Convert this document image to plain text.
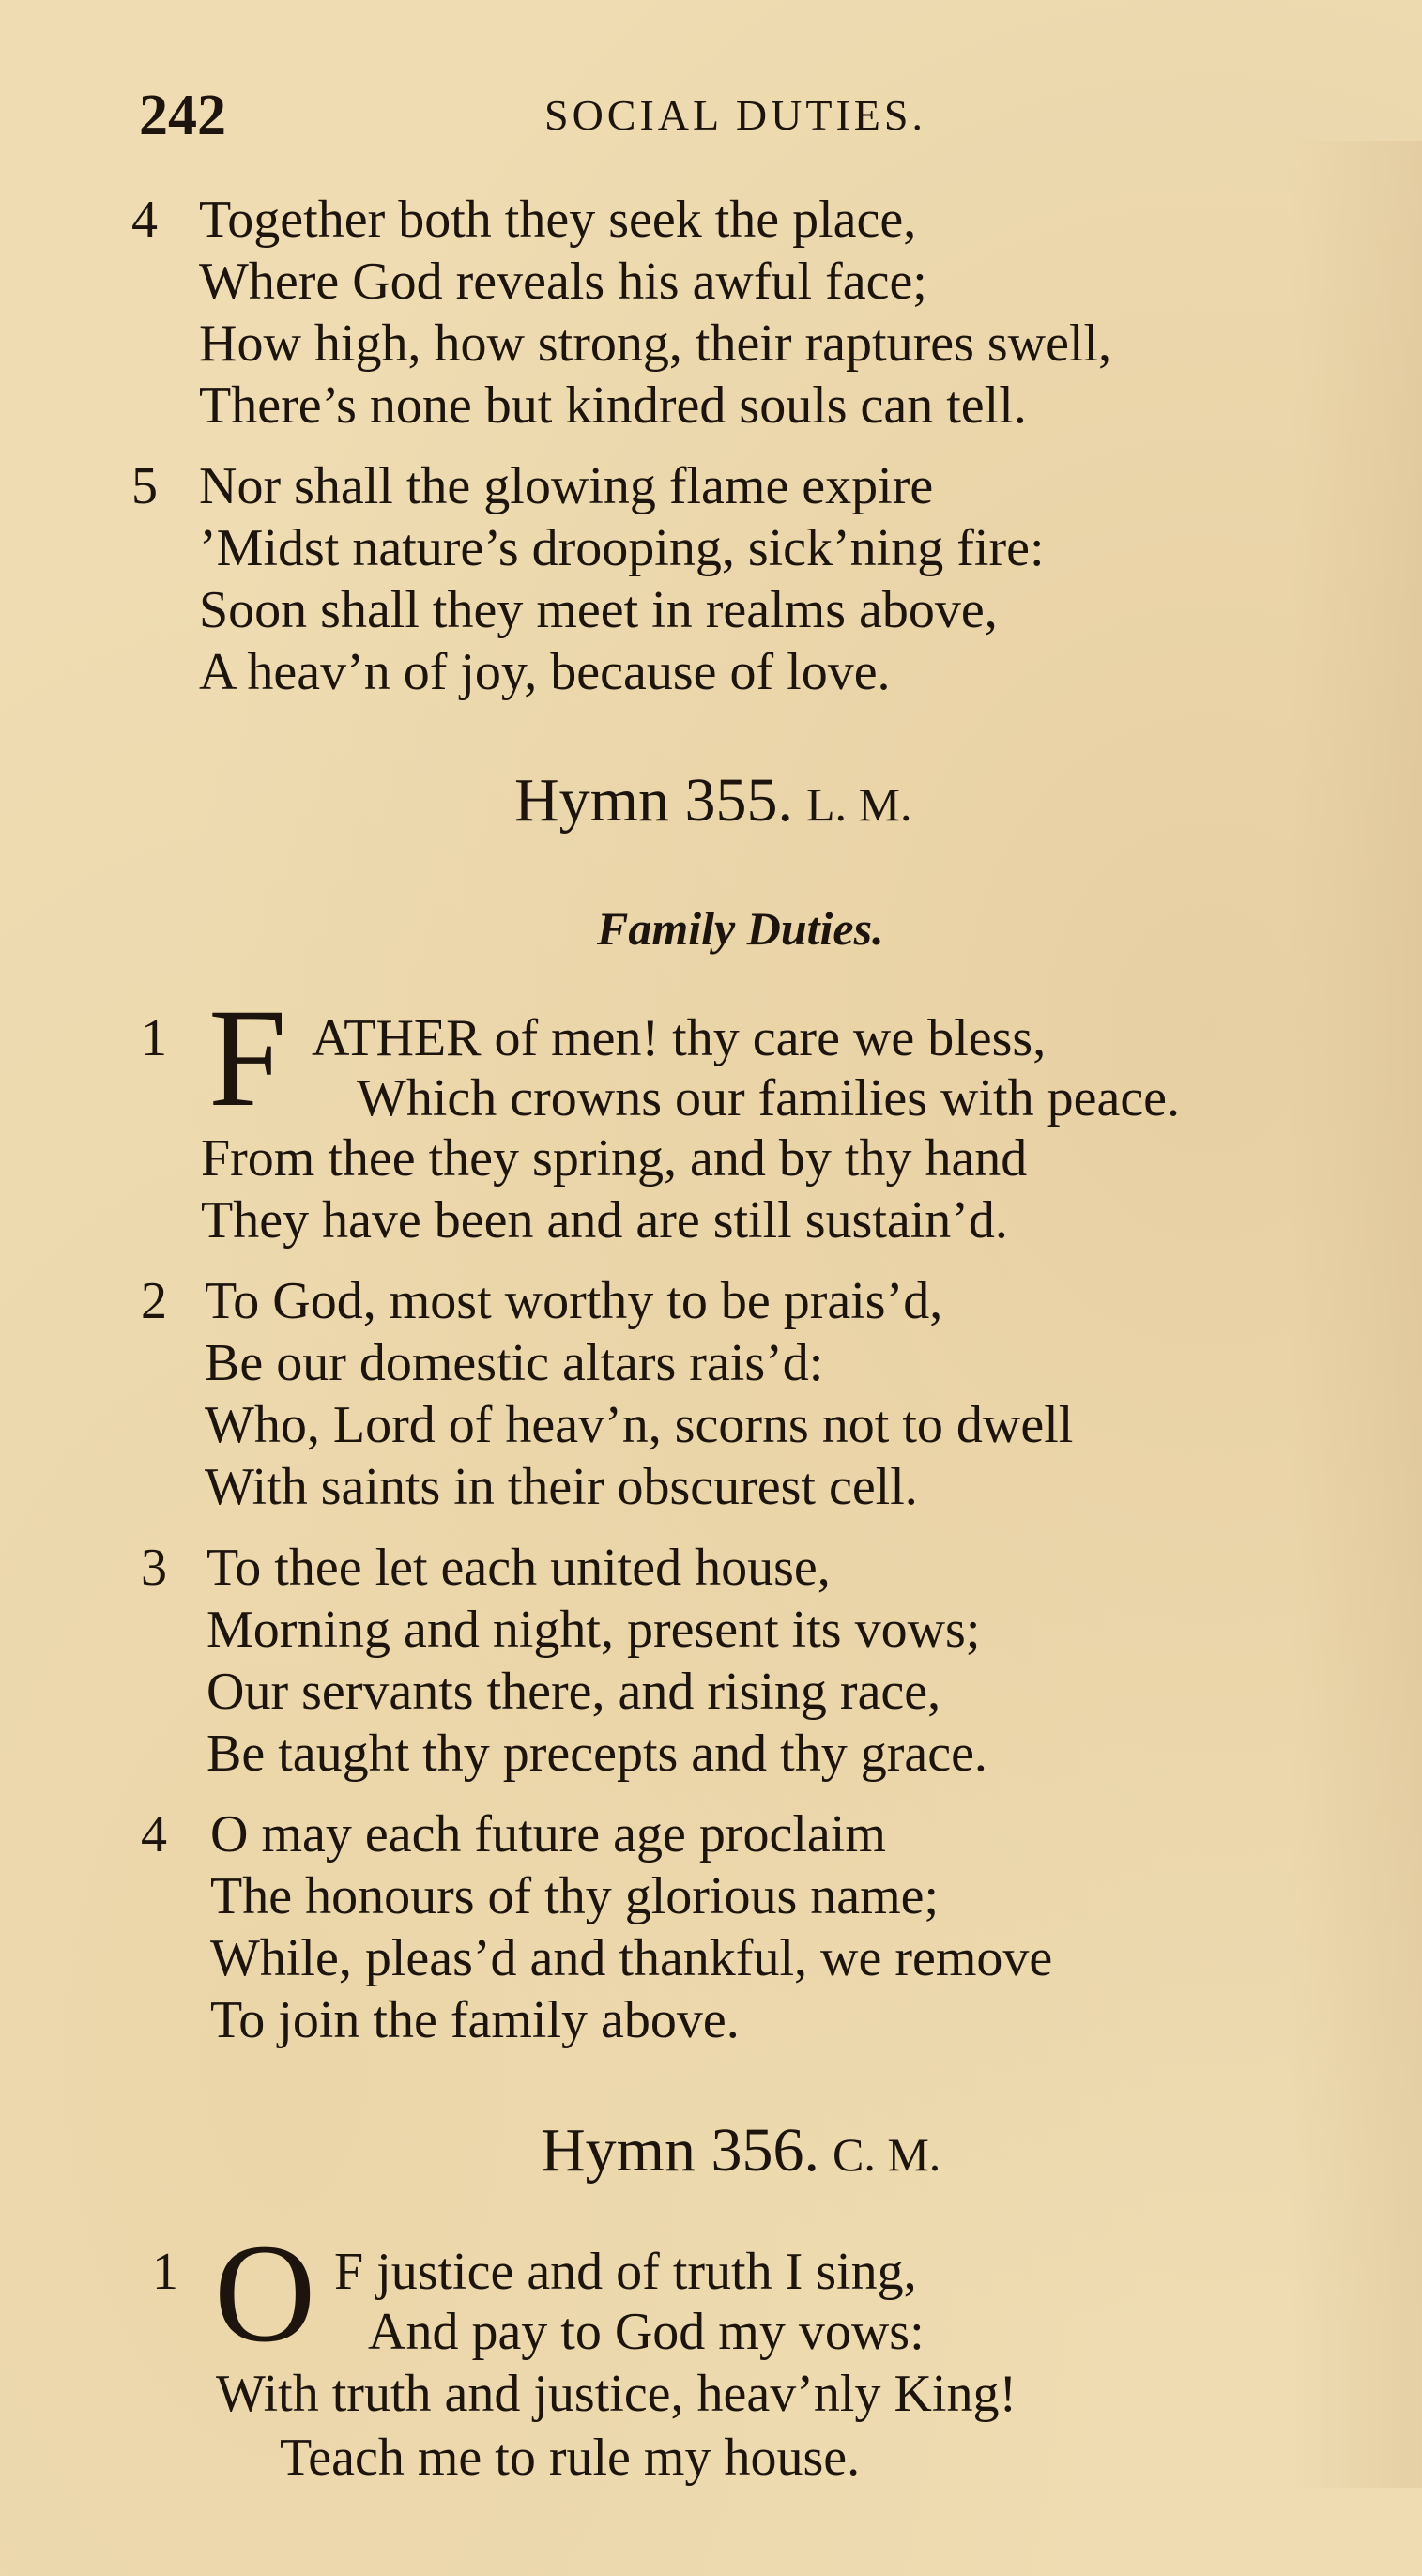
242	SOCIAL DUTIES.
4 Together both they seek the place,
Where God reveals his awful face;
How high, how strong, their raptures swell,
There’s none but kindred souls can tell.
5 Nor shall the glowing flame expire
’Midst nature’s drooping, sick’ning fire:
Soon shall they meet in realms above,
A heav’n of joy, because of love.
Hymn 355. L. M.
Family Duties.
1 F ATHER of men! thy care we bless,
Which crowns our families with peace.
From thee they spring, and by thy hand
They have been and are still sustain’d.
2 To God, most worthy to be prais’d,
Be our domestic altars rais’d:
Who, Lord of heav’n, scorns not to dwell
With saints in their obscurest cell.
3 To thee let each united house,
Morning and night, present its vows;
Our servants there, and rising race,
Be taught thy precepts and thy grace.
4 O may each future age proclaim
The honours of thy glorious name;
While, pleas’d and thankful, we remove
To join the family above.
Hymn 356. C. M.
1 O F justice and of truth I sing,
And pay to God my vows:
With truth and justice, heav’nly King!
Teach me to rule my house.
